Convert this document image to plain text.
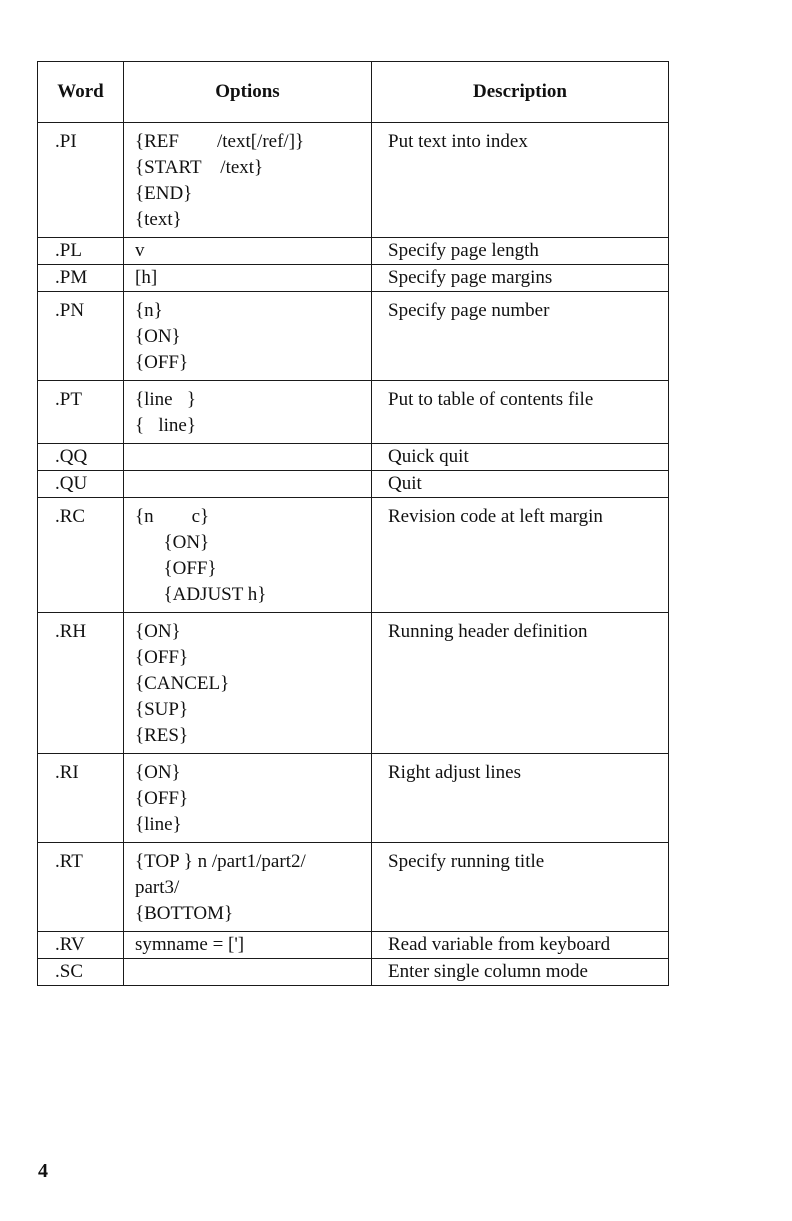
Word	Options	Description

.PI	{REF        /text[/ref/]}
{START    /text}
{END}
{text}	Put text into index

.PL	v	Specify page length

.PM	[h]	Specify page margins

.PN	{n}
{ON}
{OFF}	Specify page number

.PT	{line   }
{   line}	Put to table of contents file

.QQ		Quick quit

.QU		Quit

.RC	{n        c}
{ON}
{OFF}
{ADJUST h}	Revision code at left margin

.RH	{ON}
{OFF}
{CANCEL}
{SUP}
{RES}	Running header definition

.RI	{ON}
{OFF}
{line}	Right adjust lines

.RT	{TOP } n /part1/part2/
part3/
{BOTTOM}	Specify running title

.RV	symname = [']	Read variable from keyboard

.SC		Enter single column mode
4
